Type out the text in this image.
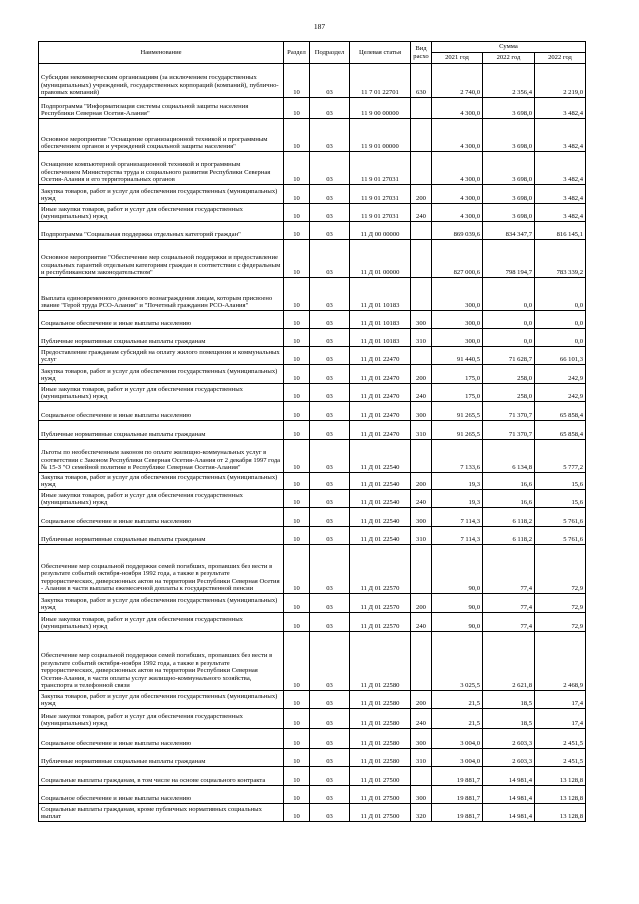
187
Наименование	Раздел	Подраздел	Целевая статья	Вид расхо	Сумма		
					2021 год	2022 год	2022 год
Субсидии некоммерческим организациям (за исключением государственных (муниципальных) учреждений, государственных корпораций (компаний), публично-правовых компаний)	10	03	11 7 01 22701	630	2 740,0	2 356,4	2 219,0
Подпрограмма "Информатизация системы социальной защиты населения Республики Северная Осетия-Алания"	10	03	11 9 00 00000		4 300,0	3 698,0	3 482,4
Основное мероприятие "Оснащение организационной техникой и программным обеспечением органов и учреждений социальной защиты населения"	10	03	11 9 01 00000		4 300,0	3 698,0	3 482,4
Оснащение компьютерной организационной техникой и программным обеспечением Министерства труда и социального развития Республики Северная Осетия-Алания и его территориальных органов	10	03	11 9 01 27031		4 300,0	3 698,0	3 482,4
Закупка товаров, работ и услуг для обеспечения государственных (муниципальных) нужд	10	03	11 9 01 27031	200	4 300,0	3 698,0	3 482,4
Иные закупки товаров, работ и услуг для обеспечения государственных (муниципальных) нужд	10	03	11 9 01 27031	240	4 300,0	3 698,0	3 482,4
Подпрограмма "Социальная поддержка отдельных категорий граждан"	10	03	11 Д 00 00000		869 039,6	834 347,7	816 145,1
Основное мероприятие "Обеспечение мер социальной поддержки и предоставление социальных гарантий отдельным категориям граждан в соответствии с федеральным и республиканским законодательством"	10	03	11 Д 01 00000		827 000,6	798 194,7	783 339,2
Выплата единовременного денежного вознаграждения лицам, которым присвоено звание "Герой труда РСО-Алания" и "Почетный гражданин РСО-Алания"	10	03	11 Д 01 10183		300,0	0,0	0,0
Социальное обеспечение и иные выплаты населению	10	03	11 Д 01 10183	300	300,0	0,0	0,0
Публичные нормативные социальные выплаты гражданам	10	03	11 Д 01 10183	310	300,0	0,0	0,0
Предоставление гражданам субсидий на оплату жилого помещения и коммунальных услуг	10	03	11 Д 01 22470		91 440,5	71 628,7	66 101,3
Закупка товаров, работ и услуг для обеспечения государственных (муниципальных) нужд	10	03	11 Д 01 22470	200	175,0	258,0	242,9
Иные закупки товаров, работ и услуг для обеспечения государственных (муниципальных) нужд	10	03	11 Д 01 22470	240	175,0	258,0	242,9
Социальное обеспечение и иные выплаты населению	10	03	11 Д 01 22470	300	91 265,5	71 370,7	65 858,4
Публичные нормативные социальные выплаты гражданам	10	03	11 Д 01 22470	310	91 265,5	71 370,7	65 858,4
Льготы по необеспеченным законом по оплате жилищно-коммунальных услуг в соответствии с Законом Республики Северная Осетия-Алания от 2 декабря 1997 года № 15-З "О семейной политике в Республике Северная Осетия-Алания"	10	03	11 Д 01 22540		7 133,6	6 134,8	5 777,2
Закупка товаров, работ и услуг для обеспечения государственных (муниципальных) нужд	10	03	11 Д 01 22540	200	19,3	16,6	15,6
Иные закупки товаров, работ и услуг для обеспечения государственных (муниципальных) нужд	10	03	11 Д 01 22540	240	19,3	16,6	15,6
Социальное обеспечение и иные выплаты населению	10	03	11 Д 01 22540	300	7 114,3	6 118,2	5 761,6
Публичные нормативные социальные выплаты гражданам	10	03	11 Д 01 22540	310	7 114,3	6 118,2	5 761,6
Обеспечение мер социальной поддержки семей погибших, пропавших без вести в результате событий октября-ноября 1992 года, а также в результате террористических, диверсионных актов на территории Республики Северная Осетия - Алания в части выплаты ежемесячной доплаты к государственной пенсии	10	03	11 Д 01 22570		90,0	77,4	72,9
Закупка товаров, работ и услуг для обеспечения государственных (муниципальных) нужд	10	03	11 Д 01 22570	200	90,0	77,4	72,9
Иные закупки товаров, работ и услуг для обеспечения государственных (муниципальных) нужд	10	03	11 Д 01 22570	240	90,0	77,4	72,9
Обеспечение мер социальной поддержки семей погибших, пропавших без вести в результате событий октября-ноября 1992 года, а также в результате террористических, диверсионных актов на территории Республики Северная Осетия-Алания, в части оплаты услуг жилищно-коммунального хозяйства, транспорта и телефонной связи	10	03	11 Д 01 22580		3 025,5	2 621,8	2 468,9
Закупка товаров, работ и услуг для обеспечения государственных (муниципальных) нужд	10	03	11 Д 01 22580	200	21,5	18,5	17,4
Иные закупки товаров, работ и услуг для обеспечения государственных (муниципальных) нужд	10	03	11 Д 01 22580	240	21,5	18,5	17,4
Социальное обеспечение и иные выплаты населению	10	03	11 Д 01 22580	300	3 004,0	2 603,3	2 451,5
Публичные нормативные социальные выплаты гражданам	10	03	11 Д 01 22580	310	3 004,0	2 603,3	2 451,5
Социальные выплаты гражданам, в том числе на основе социального контракта	10	03	11 Д 01 27500		19 881,7	14 981,4	13 128,8
Социальное обеспечение и иные выплаты населению	10	03	11 Д 01 27500	300	19 881,7	14 981,4	13 128,8
Социальные выплаты гражданам, кроме публичных нормативных социальных выплат	10	03	11 Д 01 27500	320	19 881,7	14 981,4	13 128,8
